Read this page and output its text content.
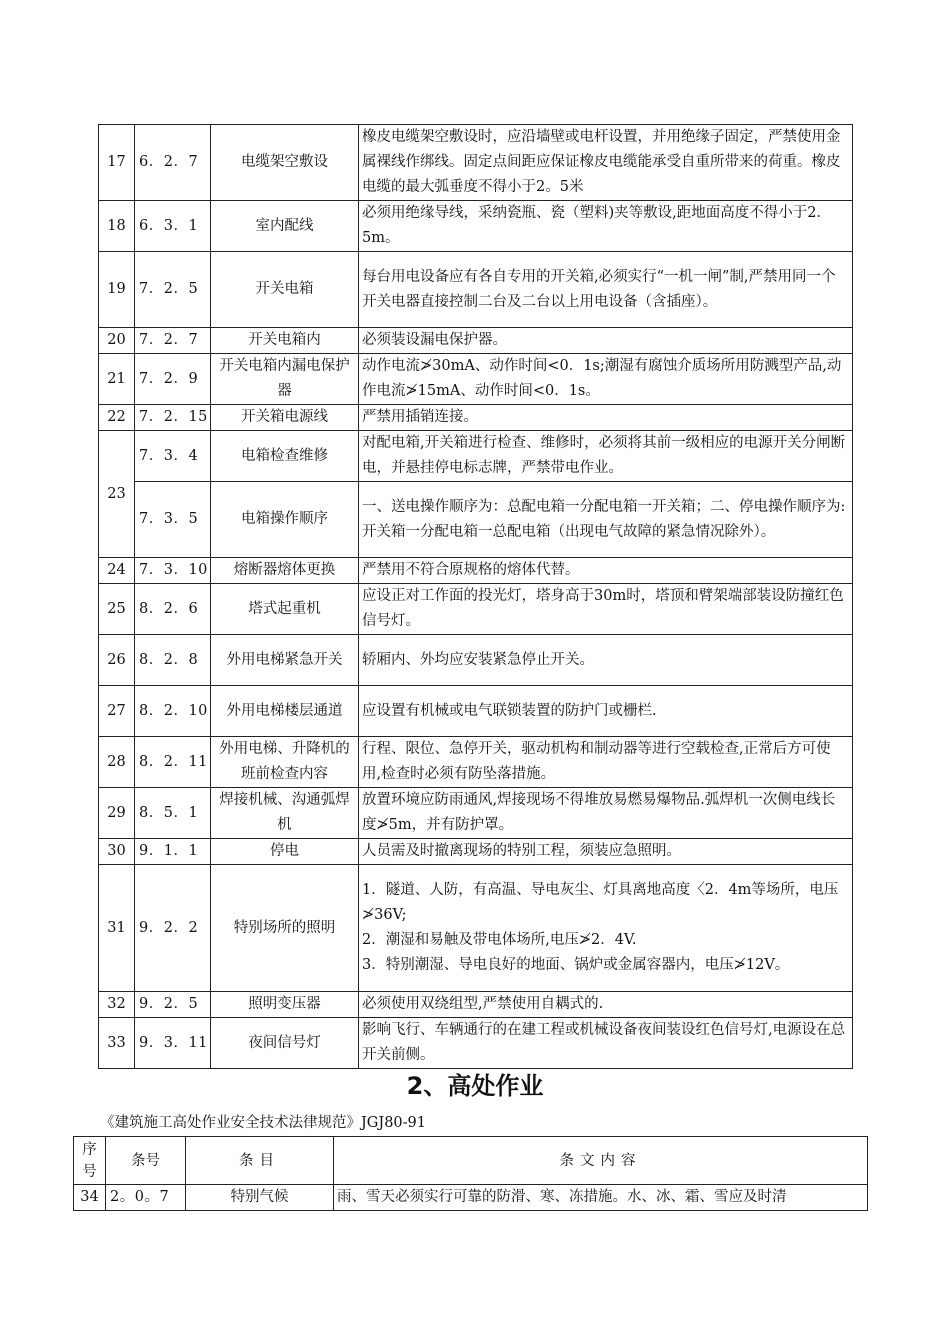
17	6．2．7	电缆架空敷设	橡皮电缆架空敷设时，应沿墙壁或电杆设置，并用绝缘子固定，严禁使用金属裸线作绑线。固定点间距应保证橡皮电缆能承受自重所带来的荷重。橡皮电缆的最大弧垂度不得小于2。5米
18	6．3．1	室内配线	必须用绝缘导线，采纳瓷瓶、瓷（塑料)夹等敷设,距地面高度不得小于2．5m。
19	7．2．5	开关电箱	每台用电设备应有各自专用的开关箱,必须实行“一机一闸”制,严禁用同一个开关电器直接控制二台及二台以上用电设备（含插座）。
20	7．2．7	开关电箱内	必须装设漏电保护器。
21	7．2．9	开关电箱内漏电保护器	动作电流≯30mA、动作时间<0．1s;潮湿有腐蚀介质场所用防溅型产品,动作电流≯15mA、动作时间<0．1s。
22	7．2．15	开关箱电源线	严禁用插销连接。
23	7．3．4	电箱检查维修	对配电箱,开关箱进行检查、维修时，必须将其前一级相应的电源开关分闸断电，并悬挂停电标志牌，严禁带电作业。
	7．3．5	电箱操作顺序	一、送电操作顺序为：总配电箱一分配电箱一开关箱；二、停电操作顺序为:开关箱一分配电箱一总配电箱（出现电气故障的紧急情况除外）。
24	7．3．10	熔断器熔体更换	严禁用不符合原规格的熔体代替。
25	8．2．6	塔式起重机	应设正对工作面的投光灯，塔身高于30m时，塔顶和臂架端部装设防撞红色信号灯。
26	8．2．8	外用电梯紧急开关	轿厢内、外均应安装紧急停止开关。
27	8．2．10	外用电梯楼层通道	应设置有机械或电气联锁装置的防护门或栅栏.
28	8．2．11	外用电梯、升降机的班前检查内容	行程、限位、急停开关，驱动机构和制动器等进行空载检查,正常后方可使用,检查时必须有防坠落措施。
29	8．5．1	焊接机械、沟通弧焊机	放置环境应防雨通风,焊接现场不得堆放易燃易爆物品.弧焊机一次侧电线长度≯5m，并有防护罩。
30	9．1．1	停电	人员需及时撤离现场的特别工程，须装应急照明。
31	9．2．2	特别场所的照明	1．隧道、人防，有高温、导电灰尘、灯具离地高度〈2．4m等场所，电压≯36V;
2．潮湿和易触及带电体场所,电压≯2．4V.
3．特别潮湿、导电良好的地面、锅炉或金属容器内，电压≯12V。
32	9．2．5	照明变压器	必须使用双绕组型,严禁使用自耦式的.
33	9．3．11	夜间信号灯	影响飞行、车辆通行的在建工程或机械设备夜间装设红色信号灯,电源设在总开关前侧。
2、高处作业

《建筑施工高处作业安全技术法律规范》JGJ80-91

序号	条号	条目	条文内容
34	2。0。7	特别气候	雨、雪天必须实行可靠的防滑、寒、冻措施。水、冰、霜、雪应及时清
